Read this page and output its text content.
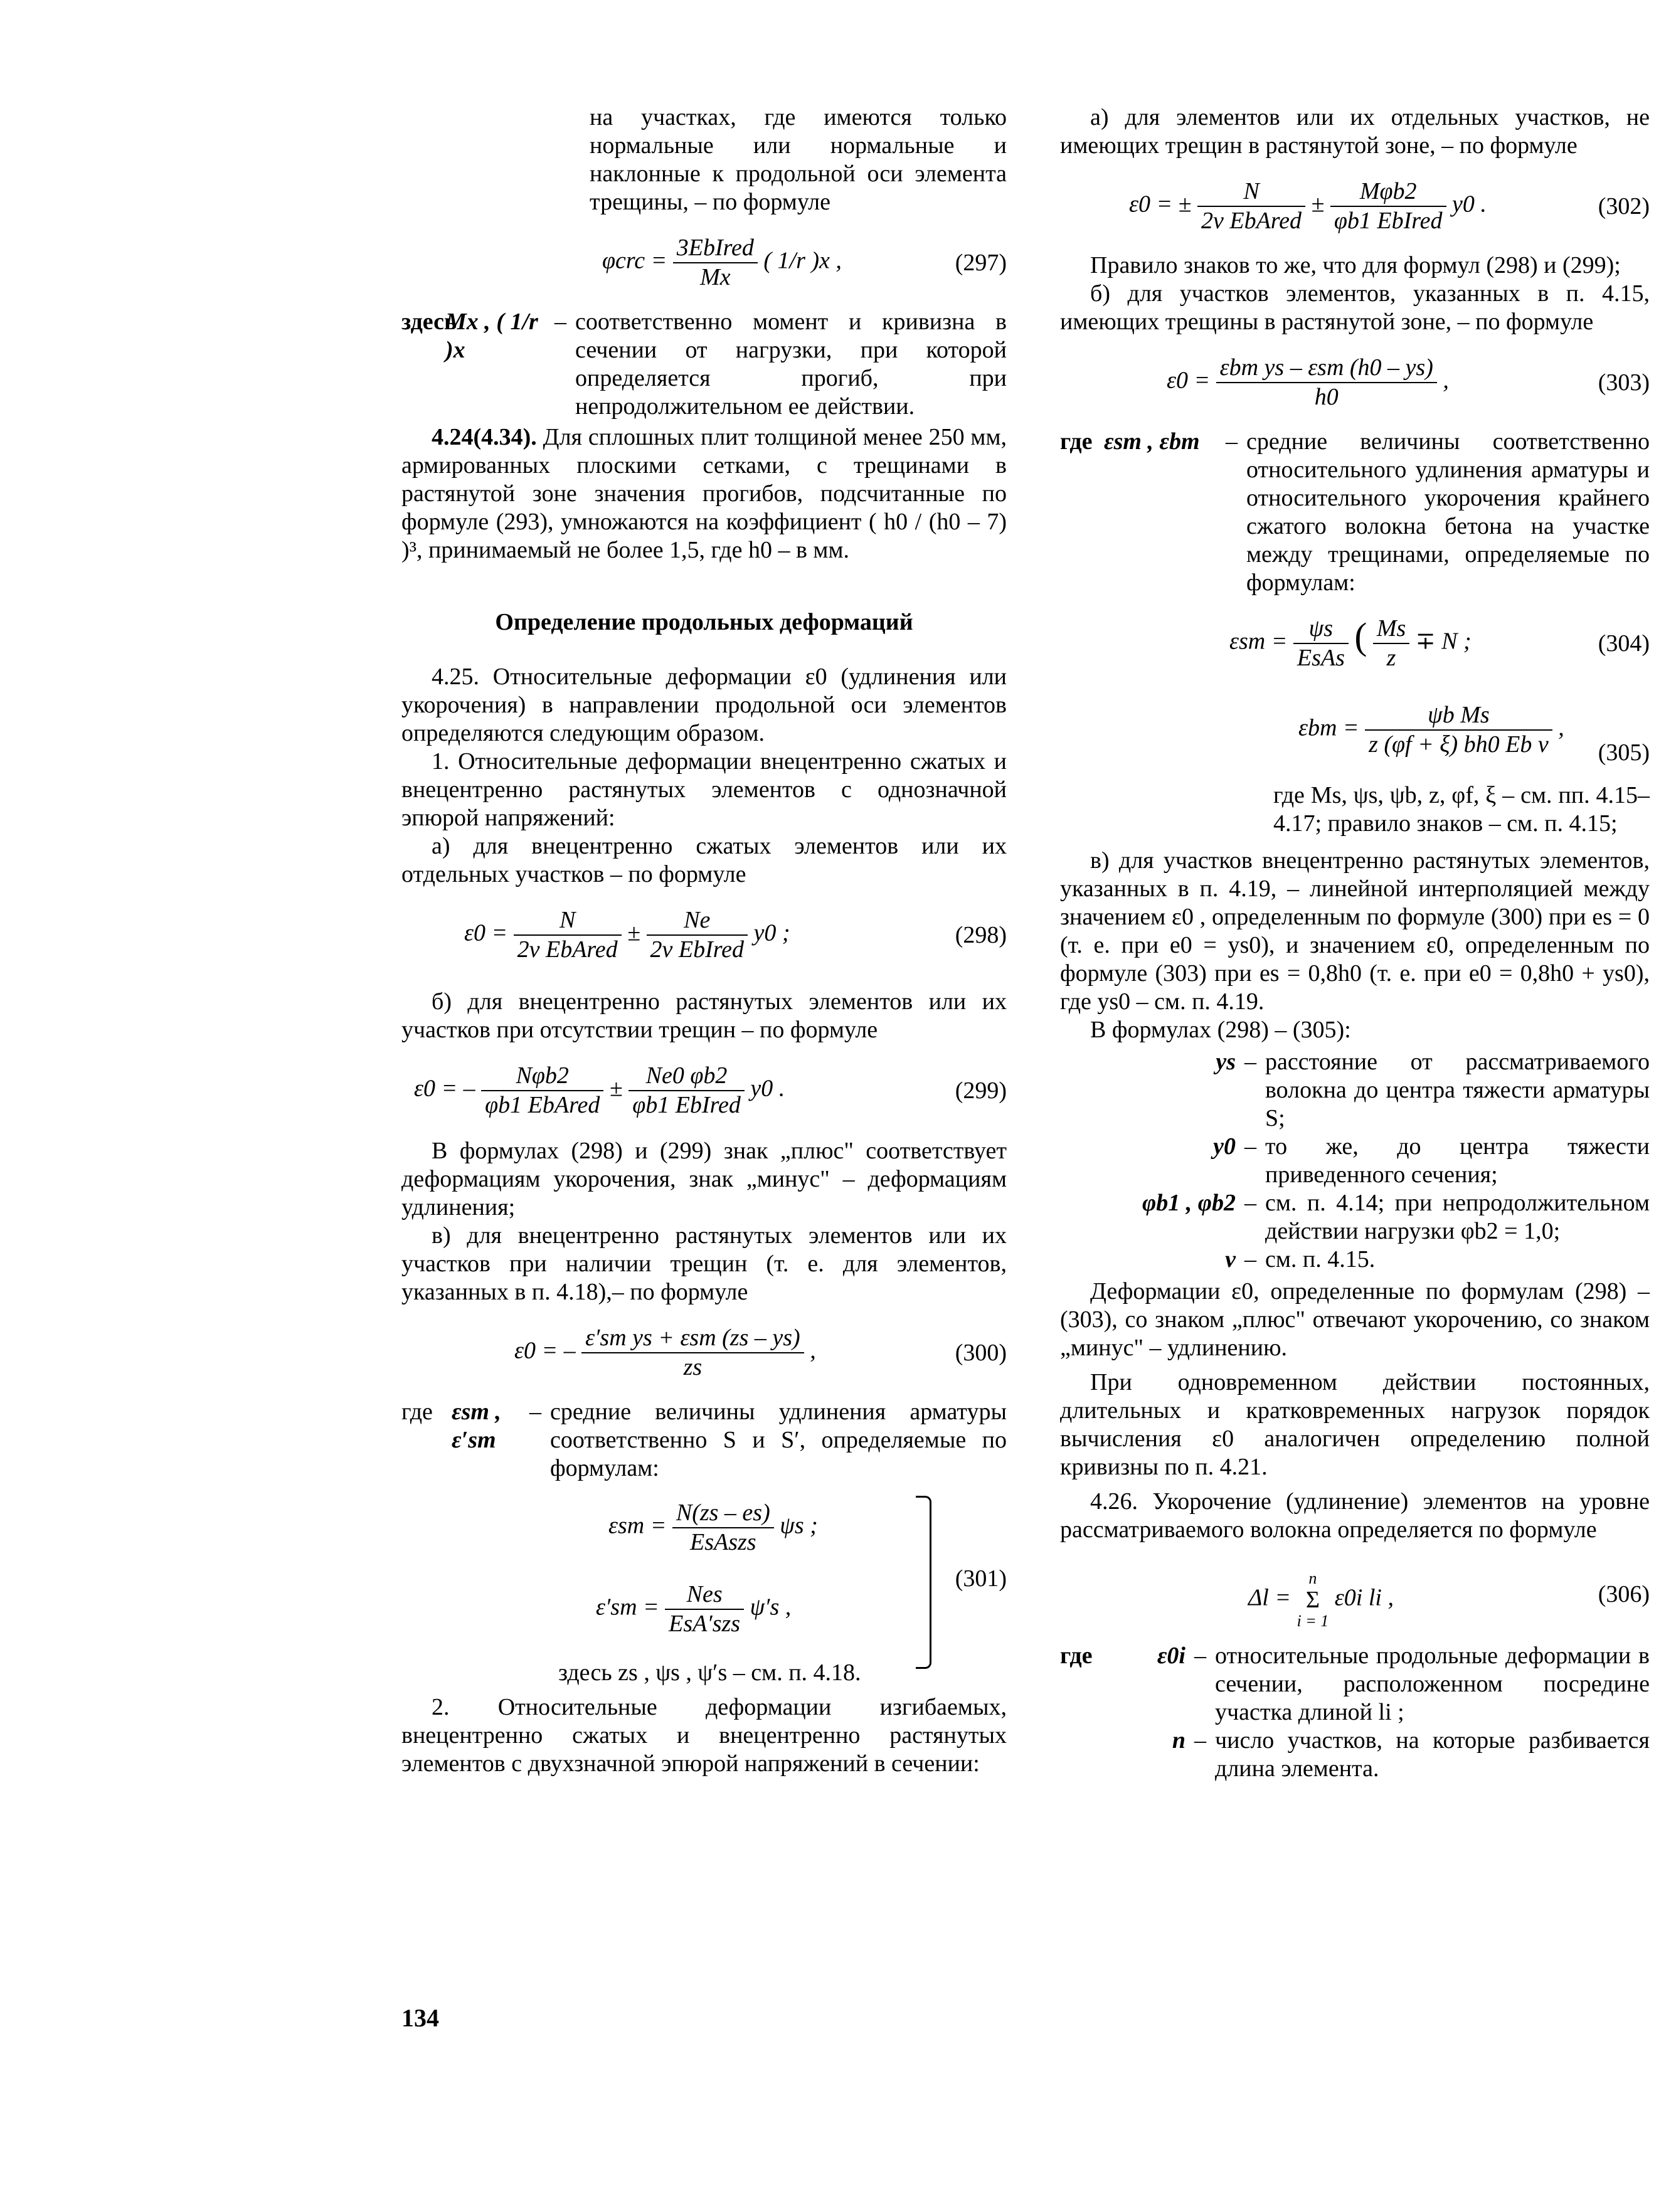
на участках, где имеются только нормальные или нормальные и наклонные к продольной оси элемента трещины, – по формуле

$\varphi crc = \frac{\text{3EbIred}}{Mx}$ ( 1/r )x ,	(297)
здесь
Mx , ( 1/r )x
– соответственно момент и кривизна в сечении от нагрузки, при которой определяется прогиб, при непродолжительном ее действии.

4.24(4.34). Для сплошных плит толщиной менее 250 мм, армированных плоскими сетками, с трещинами в растянутой зоне значения прогибов, подсчитанные по формуле (293), умножаются на коэффициент ( h0 / (h0 – 7) )³, принимаемый не более 1,5, где h0 – в мм.

Определение продольных деформаций

4.25. Относительные деформации ε0 (удлинения или укорочения) в направлении продольной оси элементов определяются следующим образом.

1. Относительные деформации внецентренно сжатых и внецентренно растянутых элементов с однозначной эпюрой напряжений:

а) для внецентренно сжатых элементов или их отдельных участков – по формуле

$\varepsilon 0 = \frac{N}{\text{2ν EbAred}} \pm \frac{Ne}{\text{2ν EbIred}} y0$ ;	(298)

б) для внецентренно растянутых элементов или их участков при отсутствии трещин – по формуле

ε0 = – $\frac{\text{Nφb2}}{\text{φb1 EbAred}} \pm \frac{Ne0 \varphi b2}{\text{φb1 EbIred}} y0$ .	(299)

В формулах (298) и (299) знак „плюс" соответствует деформациям укорочения, знак „минус" – деформациям удлинения;

в) для внецентренно растянутых элементов или их участков при наличии трещин (т. е. для элементов, указанных в п. 4.18),– по формуле

ε0 = – $\frac{\text{ε′sm ys + εsm (zs – ys)}}{zs}$ ,	(300)
где εsm , ε′sm
– средние величины удлинения арматуры соответственно S и S′, определяемые по формулам:
$\varepsilon sm = \frac{N(zs - es)}{\text{EsAszs}}$ ψs ;
$\varepsilon'sm = \frac{\text{Nes}}{\text{EsA′szs}} \psi's$ ,
(301)
здесь zs , ψs , ψ′s – см. п. 4.18.

2. Относительные деформации изгибаемых, внецентренно сжатых и внецентренно растянутых элементов с двухзначной эпюрой напряжений в сечении:

а) для элементов или их отдельных участков, не имеющих трещин в растянутой зоне, – по формуле

ε0 = ± $\frac{N}{\text{2ν EbAred}} \pm \frac{\text{Mφb2}}{\text{φb1 EbIred}} y0$ .	(302)

Правило знаков то же, что для формул (298) и (299);

б) для участков элементов, указанных в п. 4.15, имеющих трещины в растянутой зоне, – по формуле

$\varepsilon 0 = \frac{\text{εbm ys – εsm (h0 – ys)}}{h0}$ ,	(303)
где εsm , εbm	– средние величины соответственно относительного удлинения арматуры и относительного укорочения крайнего сжатого волокна бетона на участке между трещинами, определяемые по формулам:
$\varepsilon sm = \frac{\psi s}{\text{EsAs}}$ ( $\frac{Ms}{z} \mp N$ ;	(304)
$\varepsilon bm = \frac{\text{ψb Ms}}{\text{z (φf + ξ) bh0 Eb ν}}$ ,
(305)

где Ms, ψs, ψb, z, φf, ξ – см. пп. 4.15–4.17; правило знаков – см. п. 4.15;

в) для участков внецентренно растянутых элементов, указанных в п. 4.19, – линейной интерполяцией между значением ε0 , определенным по формуле (300) при es = 0 (т. е. при e0 = ys0), и значением ε0, определенным по формуле (303) при es = 0,8h0 (т. е. при e0 = 0,8h0 + ys0), где ys0 – см. п. 4.19.

В формулах (298) – (305):

ys – расстояние от рассматриваемого волокна до центра тяжести арматуры S;
y0 – то же, до центра тяжести приведенного сечения;
φb1 , φb2 – см. п. 4.14; при непродолжительном действии нагрузки φb2 = 1,0;
ν – см. п. 4.15.

Деформации ε0, определенные по формулам (298) – (303), со знаком „плюс" отвечают укорочению, со знаком „минус" – удлинению.

При одновременном действии постоянных, длительных и кратковременных нагрузок порядок вычисления ε0 аналогичен определению полной кривизны по п. 4.21.

4.26. Укорочение (удлинение) элементов на уровне рассматриваемого волокна определяется по формуле

Δl =
n
Σ
i = 1
ε0i li ,	(306)
где	ε0i – относительные продольные деформации в сечении, расположенном посредине участка длиной li ;
n – число участков, на которые разбивается длина элемента.
134
